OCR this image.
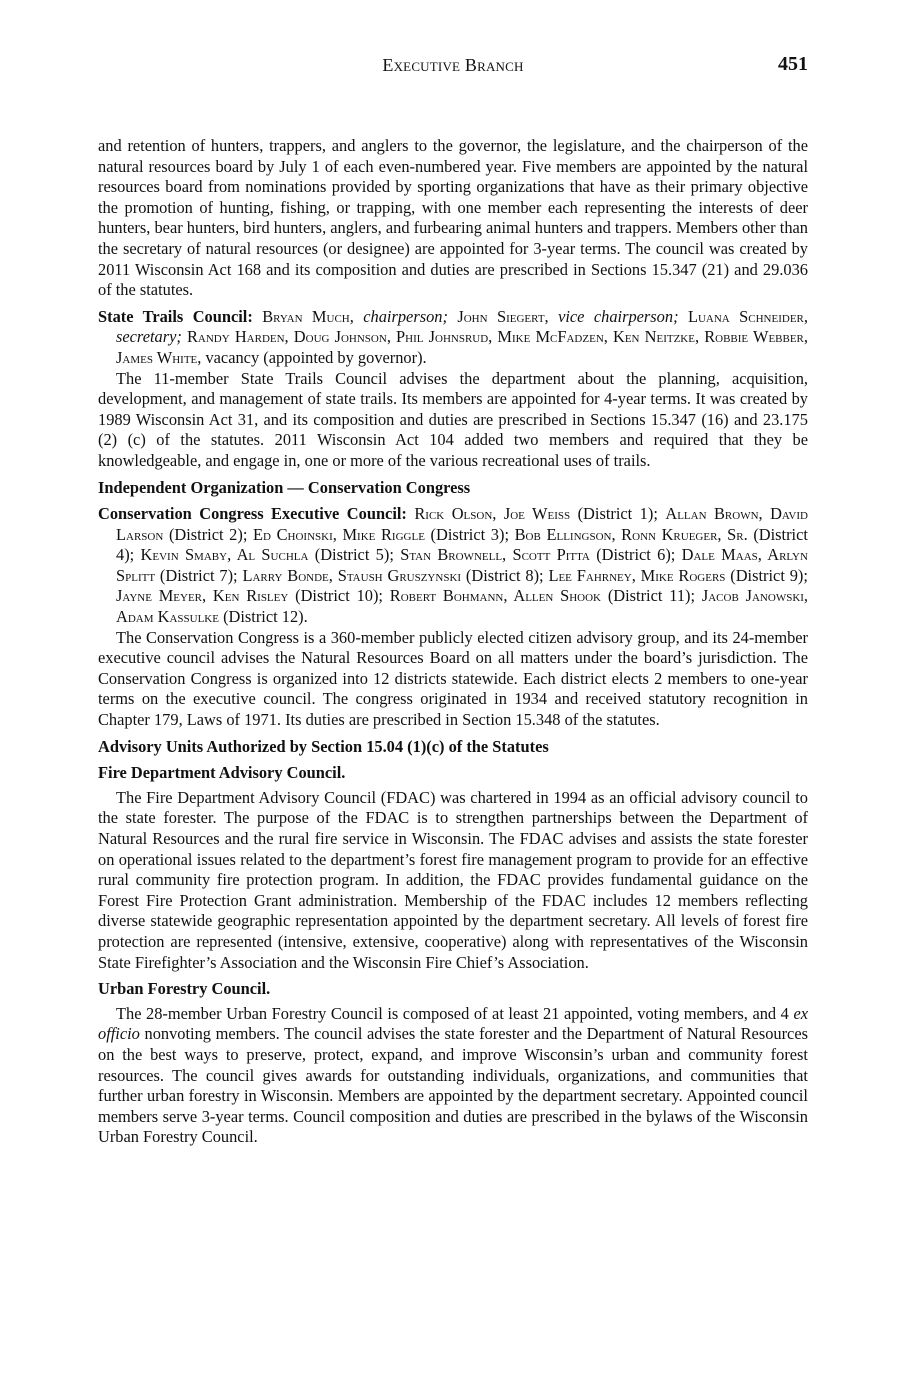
Executive Branch	451

and retention of hunters, trappers, and anglers to the governor, the legislature, and the chairperson of the natural resources board by July 1 of each even-numbered year. Five members are appointed by the natural resources board from nominations provided by sporting organizations that have as their primary objective the promotion of hunting, fishing, or trapping, with one member each representing the interests of deer hunters, bear hunters, bird hunters, anglers, and furbearing animal hunters and trappers. Members other than the secretary of natural resources (or designee) are appointed for 3-year terms. The council was created by 2011 Wisconsin Act 168 and its composition and duties are prescribed in Sections 15.347 (21) and 29.036 of the statutes.

State Trails Council: Bryan Much, chairperson; John Siegert, vice chairperson; Luana Schneider, secretary; Randy Harden, Doug Johnson, Phil Johnsrud, Mike McFadzen, Ken Neitzke, Robbie Webber, James White, vacancy (appointed by governor).

The 11-member State Trails Council advises the department about the planning, acquisition, development, and management of state trails. Its members are appointed for 4-year terms. It was created by 1989 Wisconsin Act 31, and its composition and duties are prescribed in Sections 15.347 (16) and 23.175 (2) (c) of the statutes. 2011 Wisconsin Act 104 added two members and required that they be knowledgeable, and engage in, one or more of the various recreational uses of trails.

Independent Organization — Conservation Congress

Conservation Congress Executive Council: Rick Olson, Joe Weiss (District 1); Allan Brown, David Larson (District 2); Ed Choinski, Mike Riggle (District 3); Bob Ellingson, Ronn Krueger, Sr. (District 4); Kevin Smaby, Al Suchla (District 5); Stan Brownell, Scott Pitta (District 6); Dale Maas, Arlyn Splitt (District 7); Larry Bonde, Staush Gruszynski (District 8); Lee Fahrney, Mike Rogers (District 9); Jayne Meyer, Ken Risley (District 10); Robert Bohmann, Allen Shook (District 11); Jacob Janowski, Adam Kassulke (District 12).

The Conservation Congress is a 360-member publicly elected citizen advisory group, and its 24-member executive council advises the Natural Resources Board on all matters under the board’s jurisdiction. The Conservation Congress is organized into 12 districts statewide. Each district elects 2 members to one-year terms on the executive council. The congress originated in 1934 and received statutory recognition in Chapter 179, Laws of 1971. Its duties are prescribed in Section 15.348 of the statutes.

Advisory Units Authorized by Section 15.04 (1)(c) of the Statutes

Fire Department Advisory Council.

The Fire Department Advisory Council (FDAC) was chartered in 1994 as an official advisory council to the state forester. The purpose of the FDAC is to strengthen partnerships between the Department of Natural Resources and the rural fire service in Wisconsin. The FDAC advises and assists the state forester on operational issues related to the department’s forest fire management program to provide for an effective rural community fire protection program. In addition, the FDAC provides fundamental guidance on the Forest Fire Protection Grant administration. Membership of the FDAC includes 12 members reflecting diverse statewide geographic representation appointed by the department secretary. All levels of forest fire protection are represented (intensive, extensive, cooperative) along with representatives of the Wisconsin State Firefighter’s Association and the Wisconsin Fire Chief’s Association.

Urban Forestry Council.

The 28-member Urban Forestry Council is composed of at least 21 appointed, voting members, and 4 ex officio nonvoting members. The council advises the state forester and the Department of Natural Resources on the best ways to preserve, protect, expand, and improve Wisconsin’s urban and community forest resources. The council gives awards for outstanding individuals, organizations, and communities that further urban forestry in Wisconsin. Members are appointed by the department secretary. Appointed council members serve 3-year terms. Council composition and duties are prescribed in the bylaws of the Wisconsin Urban Forestry Council.
